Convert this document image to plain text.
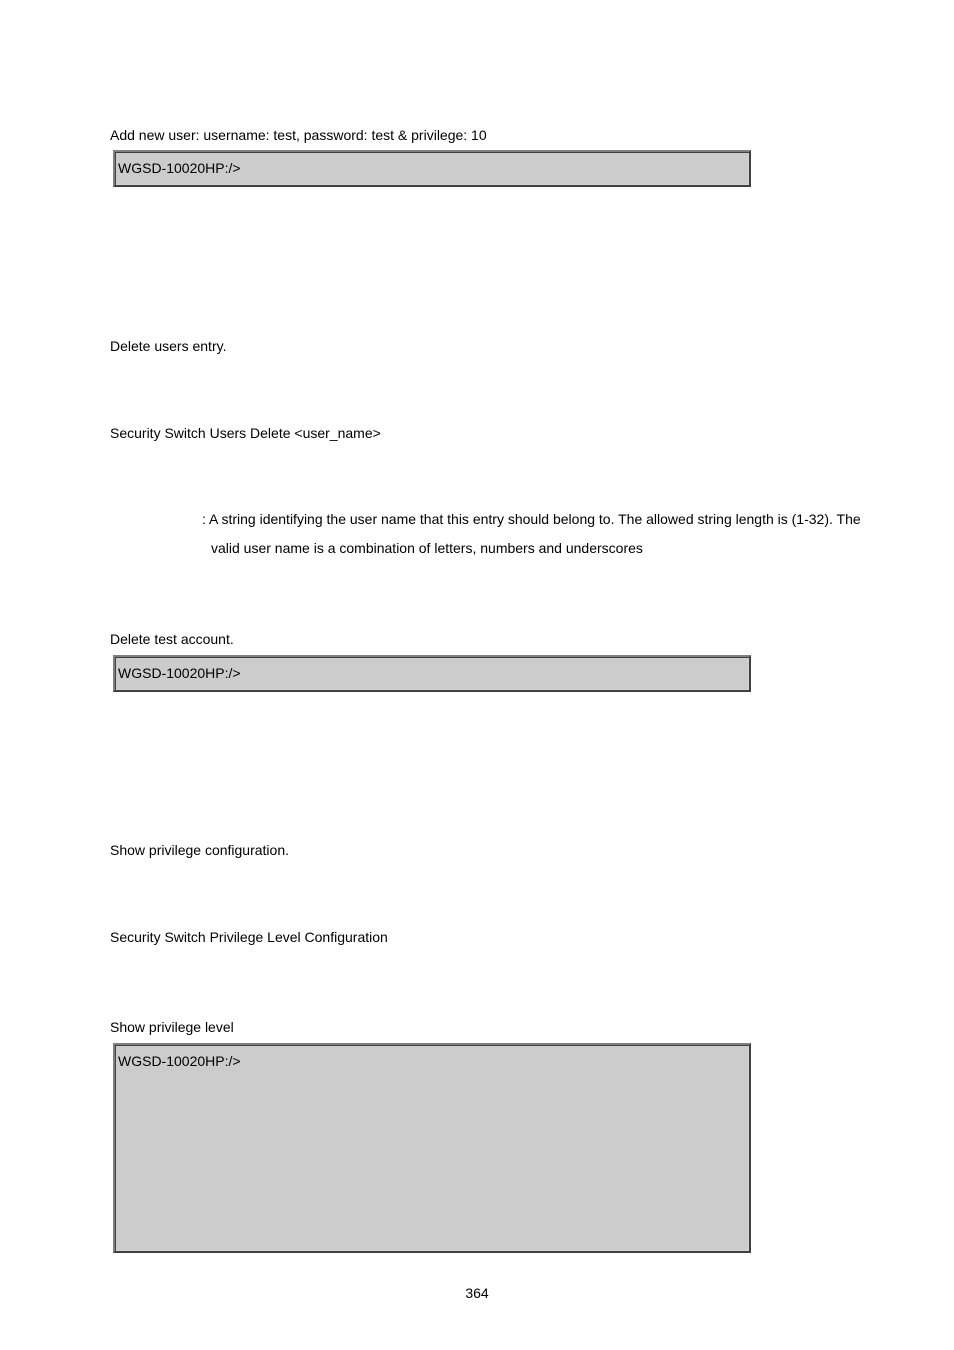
Add new user: username: test, password: test & privilege: 10
WGSD-10020HP:/>
Delete users entry.
Security Switch Users Delete <user_name>
: A string identifying the user name that this entry should belong to. The allowed string length is (1-32). The
valid user name is a combination of letters, numbers and underscores
Delete test account.
WGSD-10020HP:/>
Show privilege configuration.
Security Switch Privilege Level Configuration
Show privilege level
WGSD-10020HP:/>
364
